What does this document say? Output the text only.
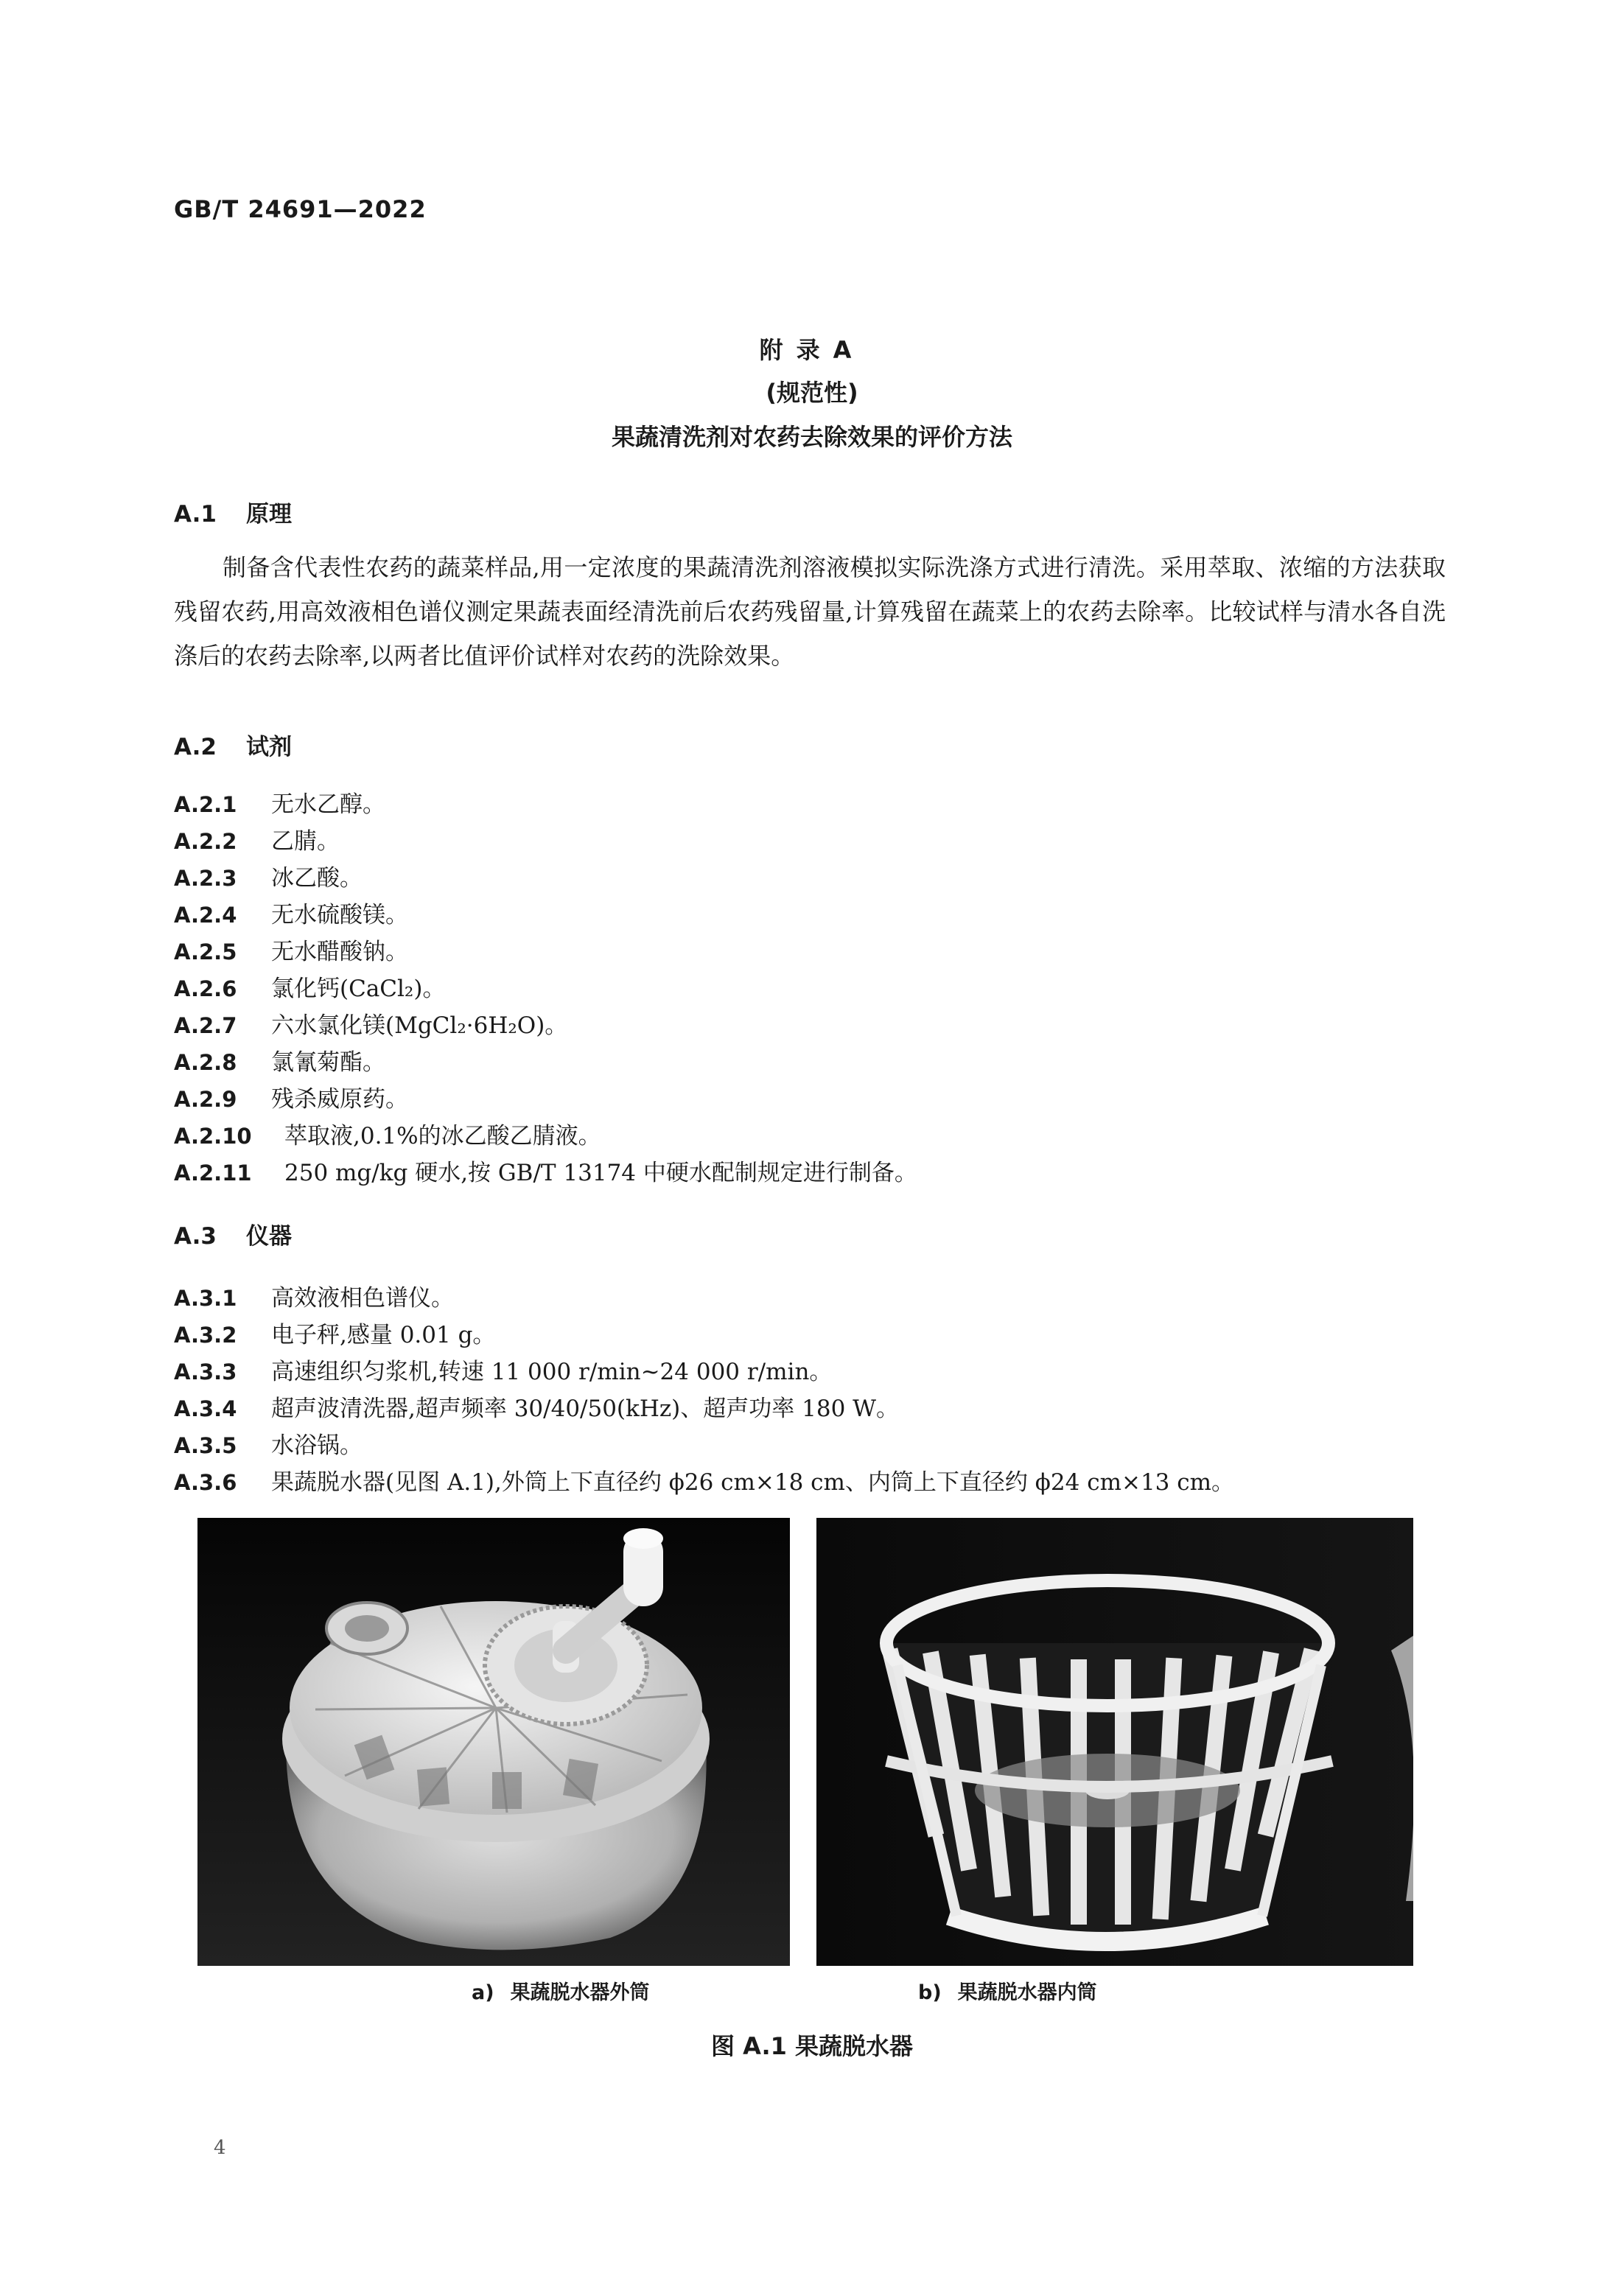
GB/T 24691—2022
附录A
(规范性)
果蔬清洗剂对农药去除效果的评价方法
A.1 原理
制备含代表性农药的蔬菜样品,用一定浓度的果蔬清洗剂溶液模拟实际洗涤方式进行清洗。采用萃取、浓缩的方法获取残留农药,用高效液相色谱仪测定果蔬表面经清洗前后农药残留量,计算残留在蔬菜上的农药去除率。比较试样与清水各自洗涤后的农药去除率,以两者比值评价试样对农药的洗除效果。
A.2 试剂
A.2.1 无水乙醇。
A.2.2 乙腈。
A.2.3 冰乙酸。
A.2.4 无水硫酸镁。
A.2.5 无水醋酸钠。
A.2.6 氯化钙(CaCl₂)。
A.2.7 六水氯化镁(MgCl₂·6H₂O)。
A.2.8 氯氰菊酯。
A.2.9 残杀威原药。
A.2.10 萃取液,0.1%的冰乙酸乙腈液。
A.2.11 250 mg/kg 硬水,按 GB/T 13174 中硬水配制规定进行制备。
A.3 仪器
A.3.1 高效液相色谱仪。
A.3.2 电子秤,感量 0.01 g。
A.3.3 高速组织匀浆机,转速 11 000 r/min~24 000 r/min。
A.3.4 超声波清洗器,超声频率 30/40/50(kHz)、超声功率 180 W。
A.3.5 水浴锅。
A.3.6 果蔬脱水器(见图 A.1),外筒上下直径约 ϕ26 cm×18 cm、内筒上下直径约 ϕ24 cm×13 cm。
a) 果蔬脱水器外筒	b) 果蔬脱水器内筒
图 A.1 果蔬脱水器
4
